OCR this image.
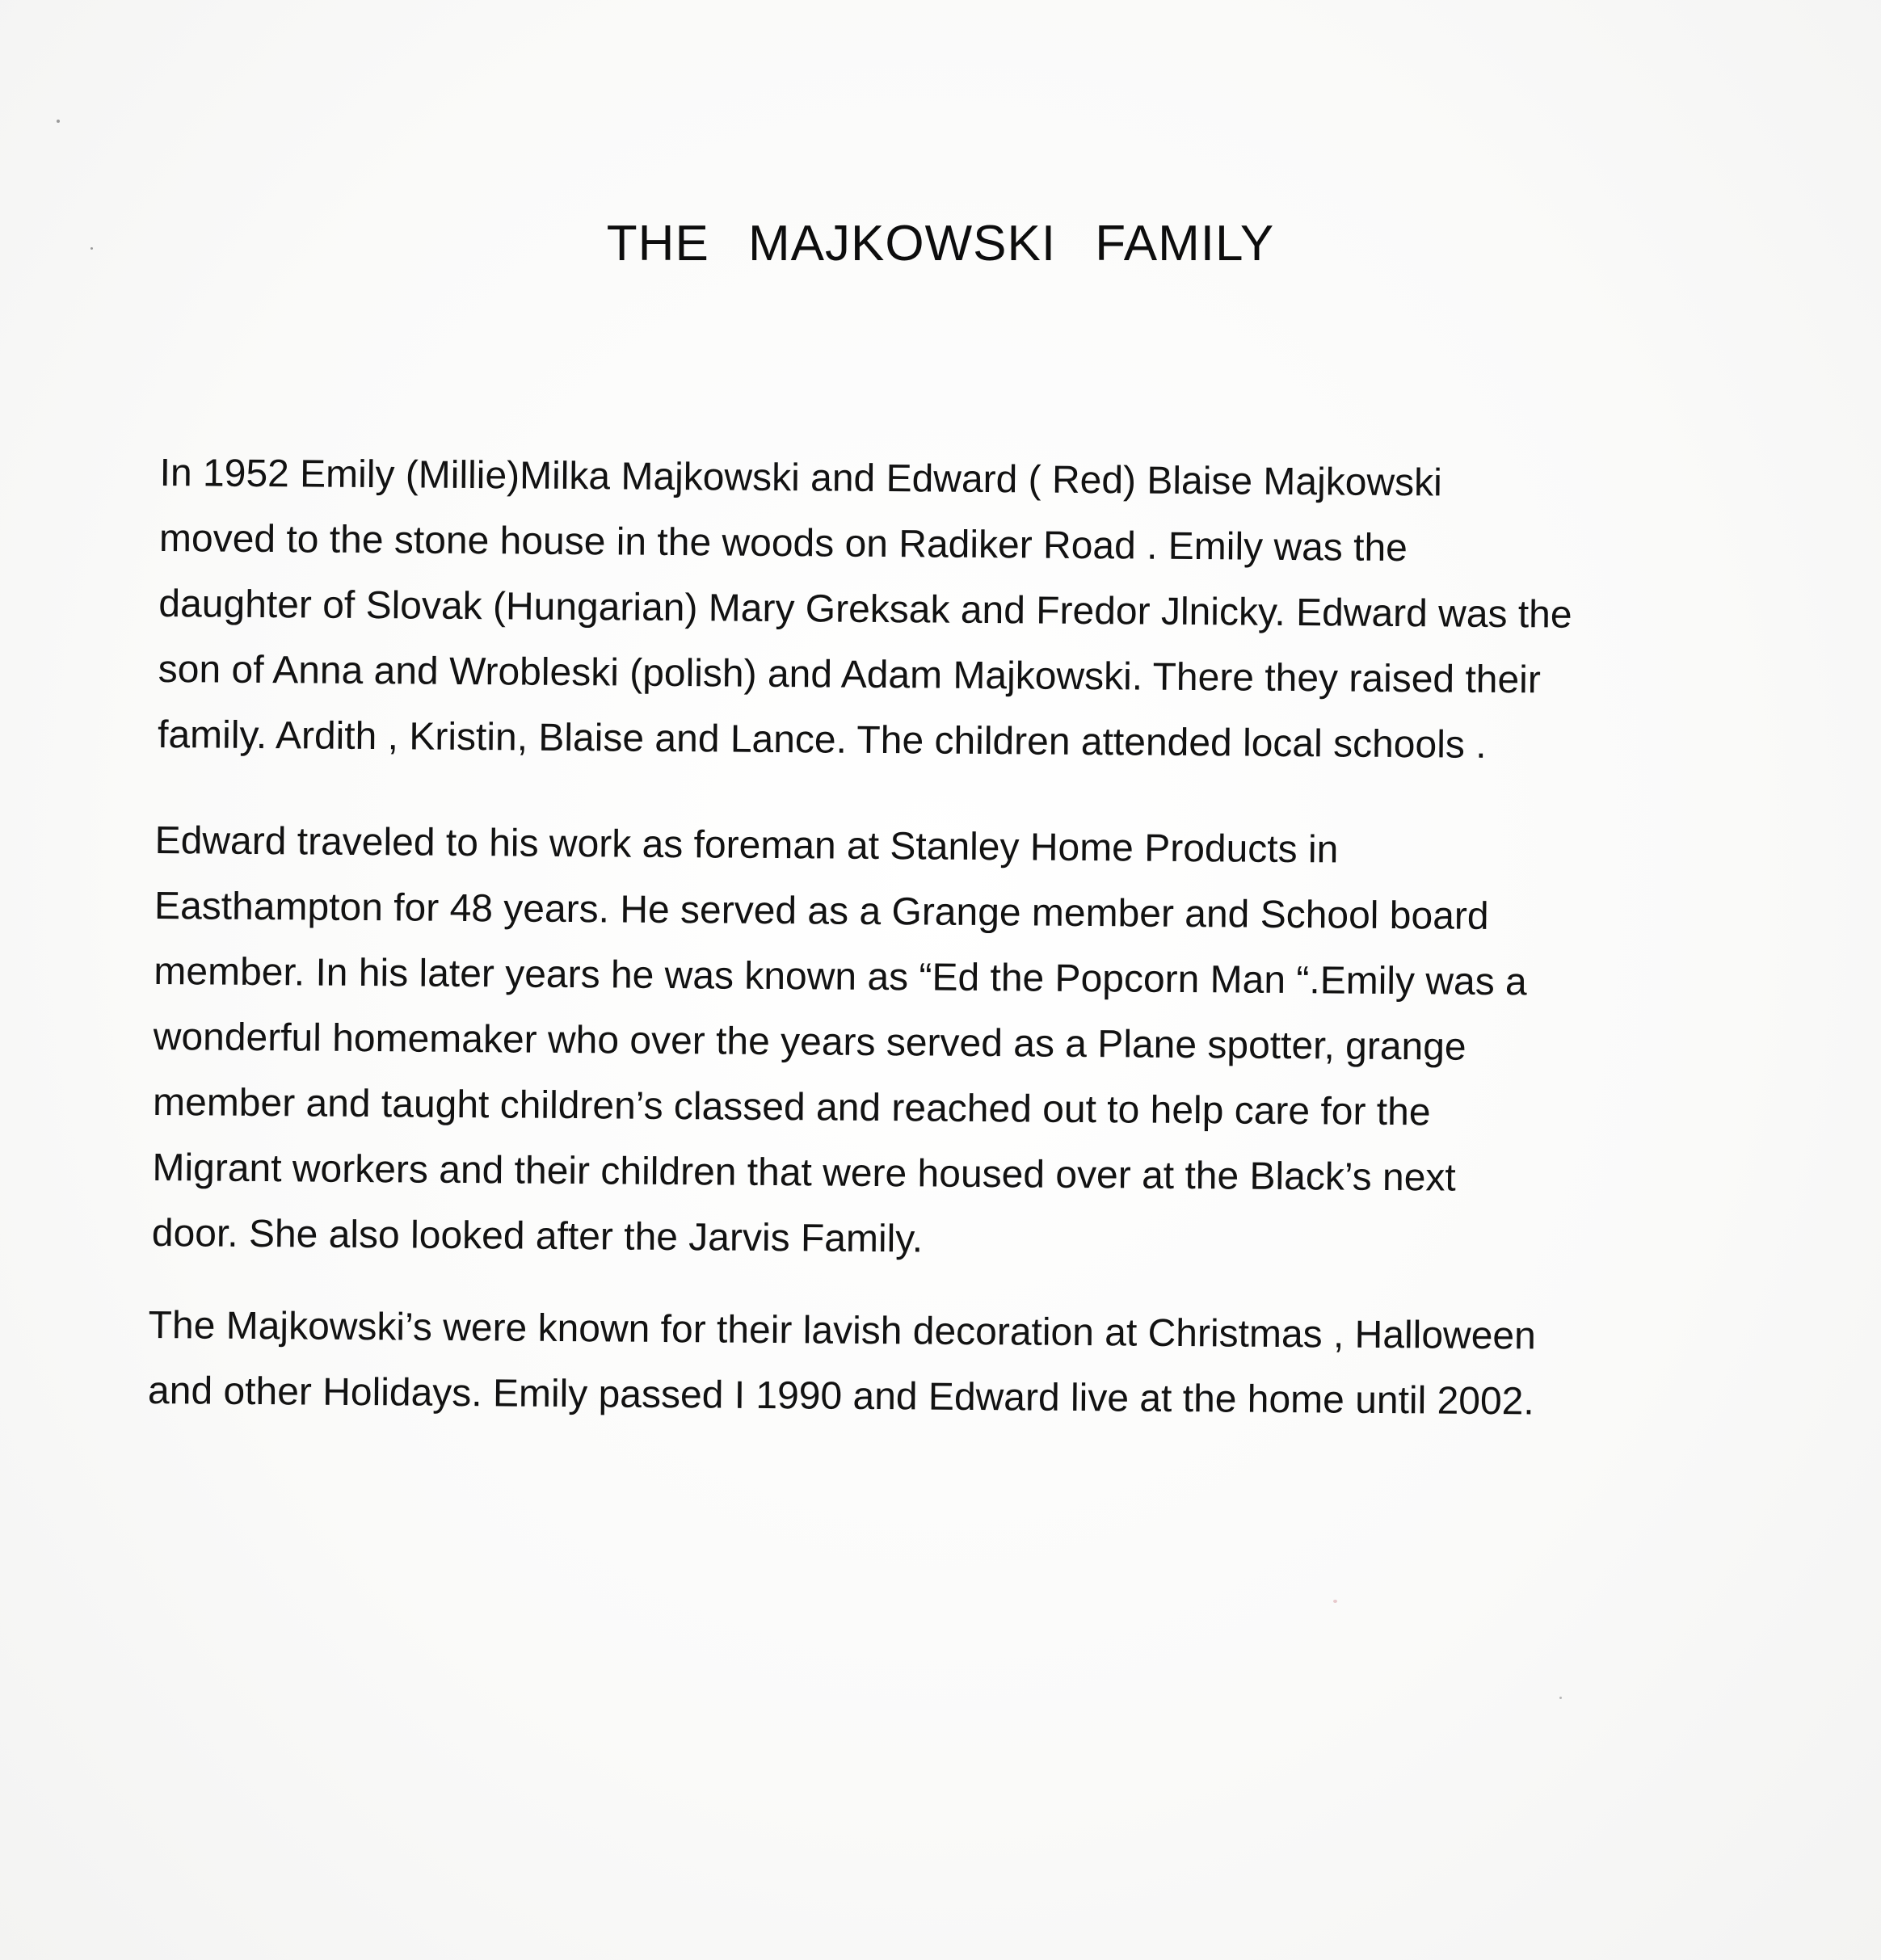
THE MAJKOWSKI FAMILY
In 1952 Emily (Millie)Milka Majkowski and Edward ( Red) Blaise Majkowski
moved to the stone house in the woods on Radiker Road . Emily was the
daughter of Slovak (Hungarian) Mary Greksak and Fredor Jlnicky. Edward was the
son of Anna and Wrobleski (polish) and Adam Majkowski. There they raised their
family. Ardith , Kristin, Blaise and Lance. The children attended local schools .
Edward traveled to his work as foreman at Stanley Home Products in
Easthampton for 48 years. He served as a Grange member and School board
member. In his later years he was known as “Ed the Popcorn Man “.Emily was a
wonderful homemaker who over the years served as a Plane spotter, grange
member and taught children’s classed and reached out to help care for the
Migrant workers and their children that were housed over at the Black’s next
door. She also looked after the Jarvis Family.
The Majkowski’s were known for their lavish decoration at Christmas , Halloween
and other Holidays. Emily passed I 1990 and Edward live at the home until 2002.
